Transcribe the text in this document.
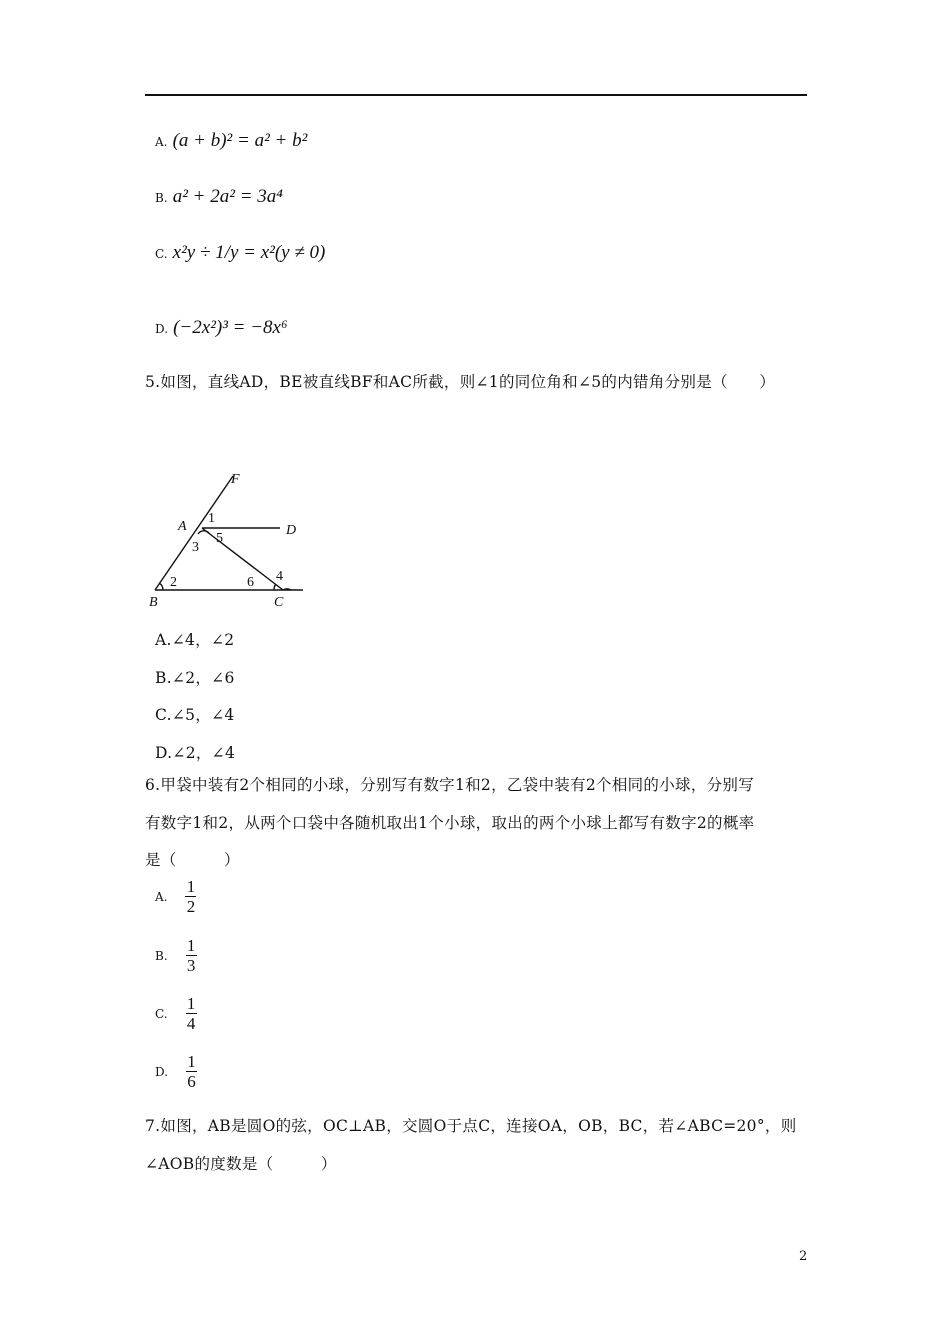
A. (a + b)² = a² + b²
B. a² + 2a² = 3a⁴
C. x²y ÷ 1/y = x²(y ≠ 0)
D. (−2x²)³ = −8x⁶
5.如图，直线AD，BE被直线BF和AC所截，则∠1的同位角和∠5的内错角分别是（　　）
F
A
1
D
3
5
2	6 4
B	C
A.∠4，∠2
B.∠2，∠6
C.∠5，∠4
D.∠2，∠4
6.甲袋中装有2个相同的小球，分别写有数字1和2，乙袋中装有2个相同的小球，分别写
有数字1和2，从两个口袋中各随机取出1个小球，取出的两个小球上都写有数字2的概率
是（　　　）
A. $\frac{1}{2}$
B. $\frac{1}{3}$
C. $\frac{1}{4}$
D. $\frac{1}{6}$
7.如图，AB是圆O的弦，OC⊥AB，交圆O于点C，连接OA，OB，BC，若∠ABC=20°，则
∠AOB的度数是（　　　）
2
